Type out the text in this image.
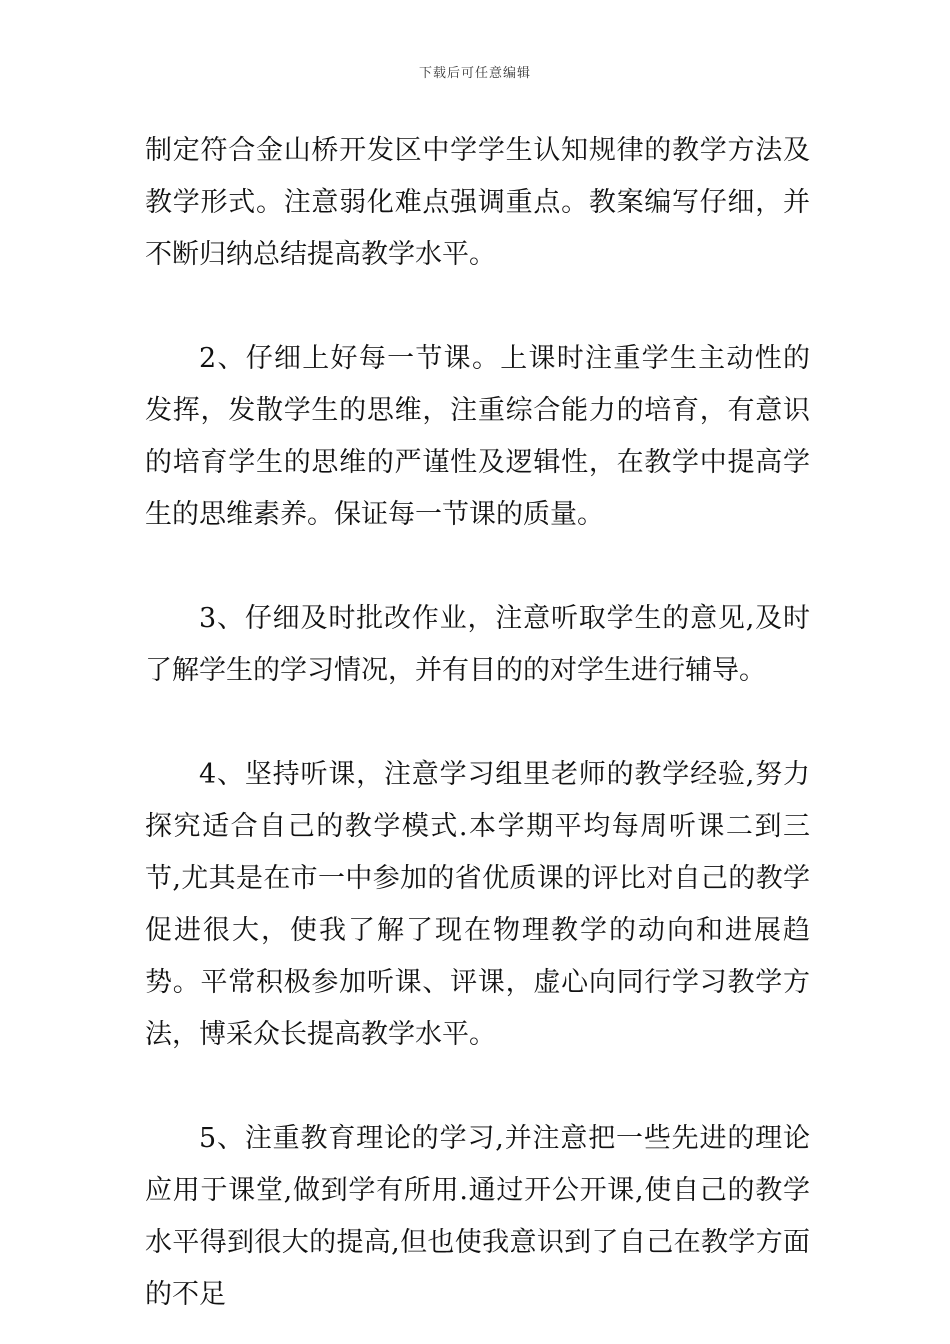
下载后可任意编辑

制定符合金山桥开发区中学学生认知规律的教学方法及教学形式。注意弱化难点强调重点。教案编写仔细，并不断归纳总结提高教学水平。

2、仔细上好每一节课。上课时注重学生主动性的发挥，发散学生的思维，注重综合能力的培育，有意识的培育学生的思维的严谨性及逻辑性，在教学中提高学生的思维素养。保证每一节课的质量。

3、仔细及时批改作业，注意听取学生的意见,及时了解学生的学习情况，并有目的的对学生进行辅导。

4、坚持听课，注意学习组里老师的教学经验,努力探究适合自己的教学模式.本学期平均每周听课二到三节,尤其是在市一中参加的省优质课的评比对自己的教学促进很大，使我了解了现在物理教学的动向和进展趋势。平常积极参加听课、评课，虚心向同行学习教学方法，博采众长提高教学水平。

5、注重教育理论的学习,并注意把一些先进的理论应用于课堂,做到学有所用.通过开公开课,使自己的教学水平得到很大的提高,但也使我意识到了自己在教学方面的不足
